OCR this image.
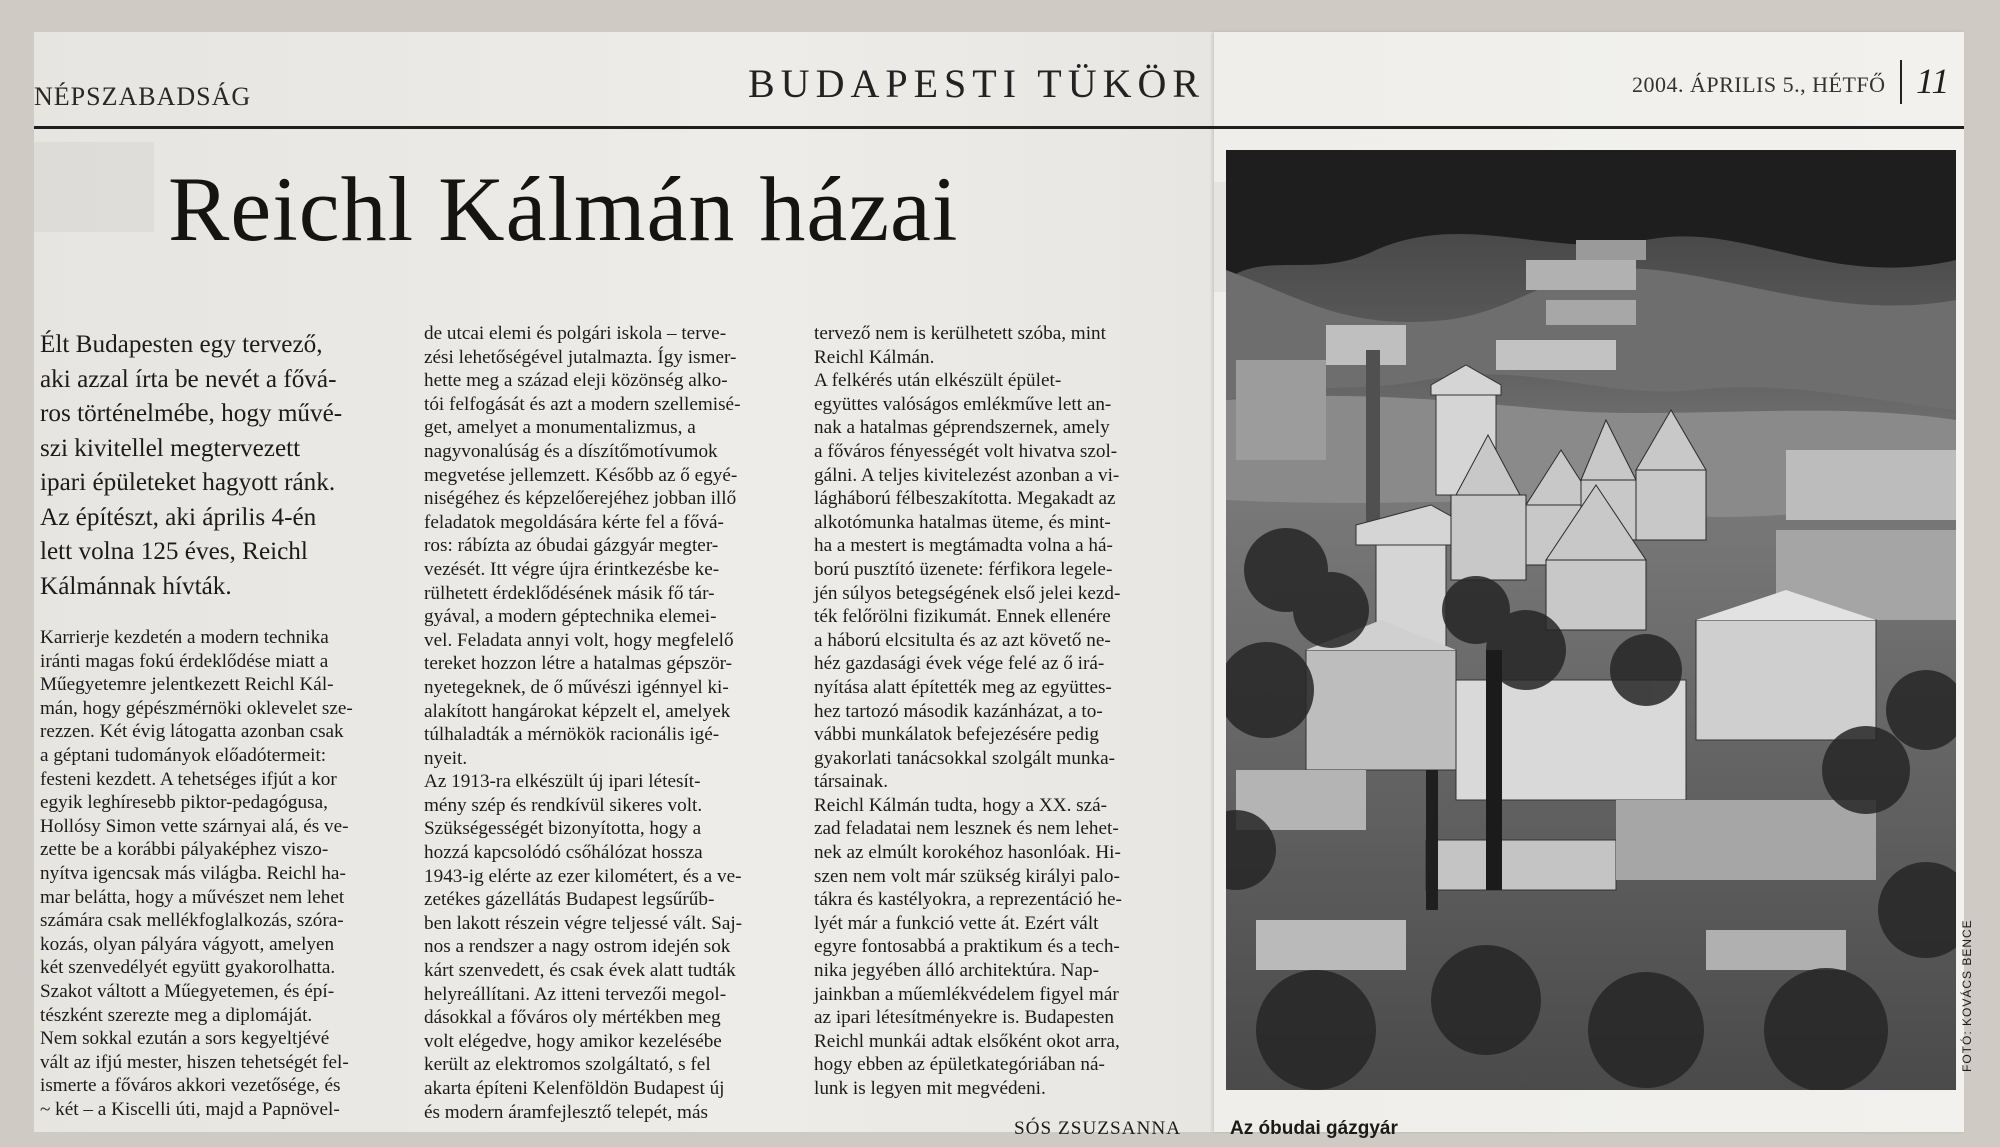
NÉPSZABADSÁG	BUDAPESTI TÜKÖR	2004. ÁPRILIS 5., HÉTFŐ 11
Reichl Kálmán házai
Élt Budapesten egy tervező,
aki azzal írta be nevét a fővá-
ros történelmébe, hogy művé-
szi kivitellel megtervezett
ipari épületeket hagyott ránk.
Az építészt, aki április 4-én
lett volna 125 éves, Reichl
Kálmánnak hívták.
Karrierje kezdetén a modern technika
iránti magas fokú érdeklődése miatt a
Műegyetemre jelentkezett Reichl Kál-
mán, hogy gépészmérnöki oklevelet sze-
rezzen. Két évig látogatta azonban csak
a géptani tudományok előadótermeit:
festeni kezdett. A tehetséges ifjút a kor
egyik leghíresebb piktor-pedagógusa,
Hollósy Simon vette szárnyai alá, és ve-
zette be a korábbi pályaképhez viszo-
nyítva igencsak más világba. Reichl ha-
mar belátta, hogy a művészet nem lehet
számára csak mellékfoglalkozás, szóra-
kozás, olyan pályára vágyott, amelyen
két szenvedélyét együtt gyakorolhatta.
Szakot váltott a Műegyetemen, és épí-
tészként szerezte meg a diplomáját.
Nem sokkal ezután a sors kegyeltjévé
vált az ifjú mester, hiszen tehetségét fel-
ismerte a főváros akkori vezetősége, és
~ két – a Kiscelli úti, majd a Papnövel-
de utcai elemi és polgári iskola – terve-
zési lehetőségével jutalmazta. Így ismer-
hette meg a század eleji közönség alko-
tói felfogását és azt a modern szellemisé-
get, amelyet a monumentalizmus, a
nagyvonalúság és a díszítőmotívumok
megvetése jellemzett. Később az ő egyé-
niségéhez és képzelőerejéhez jobban illő
feladatok megoldására kérte fel a fővá-
ros: rábízta az óbudai gázgyár megter-
vezését. Itt végre újra érintkezésbe ke-
rülhetett érdeklődésének másik fő tár-
gyával, a modern géptechnika elemei-
vel. Feladata annyi volt, hogy megfelelő
tereket hozzon létre a hatalmas gépször-
nyetegeknek, de ő művészi igénnyel ki-
alakított hangárokat képzelt el, amelyek
túlhaladták a mérnökök racionális igé-
nyeit.
Az 1913-ra elkészült új ipari létesít-
mény szép és rendkívül sikeres volt.
Szükségességét bizonyította, hogy a
hozzá kapcsolódó csőhálózat hossza
1943-ig elérte az ezer kilométert, és a ve-
zetékes gázellátás Budapest legsűrűb-
ben lakott részein végre teljessé vált. Saj-
nos a rendszer a nagy ostrom idején sok
kárt szenvedett, és csak évek alatt tudták
helyreállítani. Az itteni tervezői megol-
dásokkal a főváros oly mértékben meg
volt elégedve, hogy amikor kezelésébe
került az elektromos szolgáltató, s fel
akarta építeni Kelenföldön Budapest új
és modern áramfejlesztő telepét, más
tervező nem is kerülhetett szóba, mint
Reichl Kálmán.
A felkérés után elkészült épület-
együttes valóságos emlékműve lett an-
nak a hatalmas géprendszernek, amely
a főváros fényességét volt hivatva szol-
gálni. A teljes kivitelezést azonban a vi-
lágháború félbeszakította. Megakadt az
alkotómunka hatalmas üteme, és mint-
ha a mestert is megtámadta volna a há-
ború pusztító üzenete: férfikora legele-
jén súlyos betegségének első jelei kezd-
ték felőrölni fizikumát. Ennek ellenére
a háború elcsitulta és az azt követő ne-
héz gazdasági évek vége felé az ő irá-
nyítása alatt építették meg az együttes-
hez tartozó második kazánházat, a to-
vábbi munkálatok befejezésére pedig
gyakorlati tanácsokkal szolgált munka-
társainak.
Reichl Kálmán tudta, hogy a XX. szá-
zad feladatai nem lesznek és nem lehet-
nek az elmúlt korokéhoz hasonlóak. Hi-
szen nem volt már szükség királyi palo-
tákra és kastélyokra, a reprezentáció he-
lyét már a funkció vette át. Ezért vált
egyre fontosabbá a praktikum és a tech-
nika jegyében álló architektúra. Nap-
jainkban a műemlékvédelem figyel már
az ipari létesítményekre is. Budapesten
Reichl munkái adtak elsőként okot arra,
hogy ebben az épületkategóriában ná-
lunk is legyen mit megvédeni.
SÓS ZSUZSANNA
FOTÓ: KOVÁCS BENCE
Az óbudai gázgyár
